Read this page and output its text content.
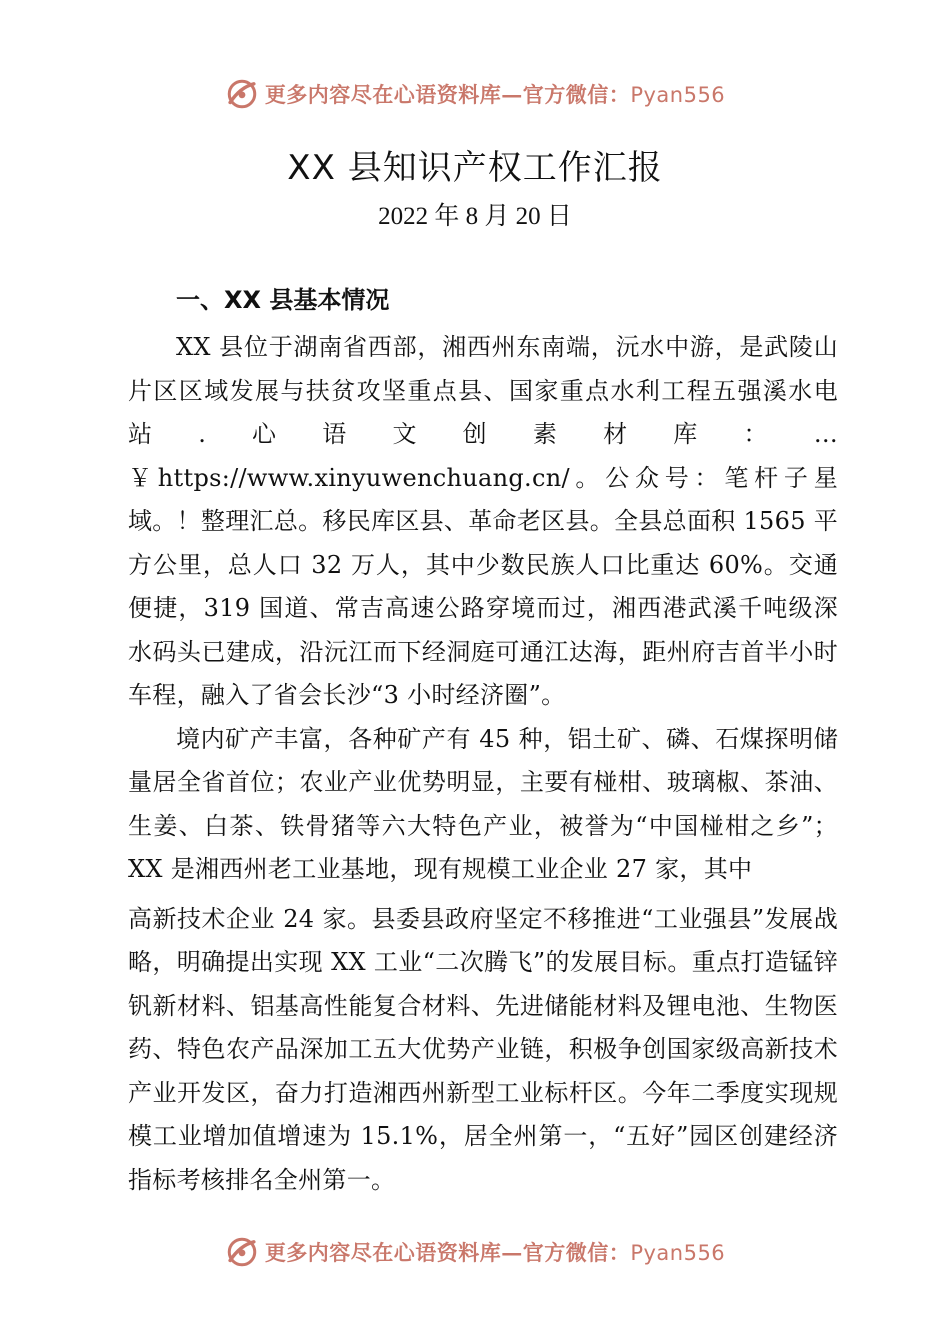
更多内容尽在心语资料库—官方微信：Pyan556
XX 县知识产权工作汇报
2022 年 8 月 20 日
一、XX 县基本情况

XX 县位于湖南省西部，湘西州东南端，沅水中游，是武陵山片区区域发展与扶贫攻坚重点县、国家重点水利工程五强溪水电站.心语文创素材库：…￥https://www.xinyuwenchuang.cn/。公众号：笔杆子星域。！整理汇总。移民库区县、革命老区县。全县总面积 1565 平方公里，总人口 32 万人，其中少数民族人口比重达 60%。交通便捷，319 国道、常吉高速公路穿境而过，湘西港武溪千吨级深水码头已建成，沿沅江而下经洞庭可通江达海，距州府吉首半小时车程，融入了省会长沙“3 小时经济圈”。

境内矿产丰富，各种矿产有 45 种，铝土矿、磷、石煤探明储量居全省首位；农业产业优势明显，主要有椪柑、玻璃椒、茶油、生姜、白茶、铁骨猪等六大特色产业，被誉为“中国椪柑之乡”；XX 是湘西州老工业基地，现有规模工业企业 27 家，其中

高新技术企业 24 家。县委县政府坚定不移推进“工业强县”发展战略，明确提出实现 XX 工业“二次腾飞”的发展目标。重点打造锰锌钒新材料、铝基高性能复合材料、先进储能材料及锂电池、生物医药、特色农产品深加工五大优势产业链，积极争创国家级高新技术产业开发区，奋力打造湘西州新型工业标杆区。今年二季度实现规模工业增加值增速为 15.1%，居全州第一，“五好”园区创建经济指标考核排名全州第一。

更多内容尽在心语资料库—官方微信：Pyan556
